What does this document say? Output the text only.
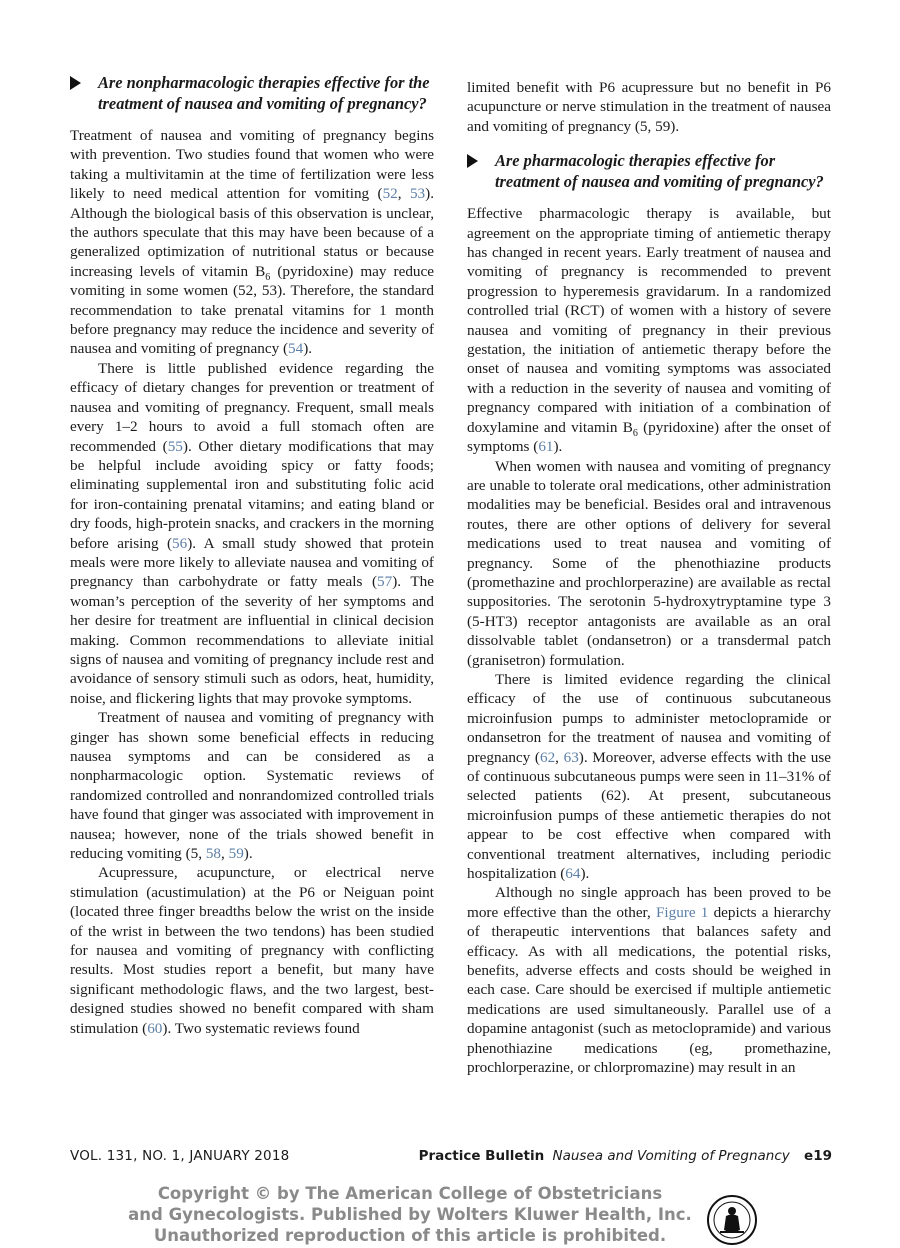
Are nonpharmacologic therapies effective for the treatment of nausea and vomiting of pregnancy?

Treatment of nausea and vomiting of pregnancy begins with prevention. Two studies found that women who were taking a multivitamin at the time of fertilization were less likely to need medical attention for vomiting (52, 53). Although the biological basis of this observation is unclear, the authors speculate that this may have been because of a generalized optimization of nutritional status or because increasing levels of vitamin $B_6$ (pyridoxine) may reduce vomiting in some women (52, 53). Therefore, the standard recommendation to take prenatal vitamins for 1 month before pregnancy may reduce the incidence and severity of nausea and vomiting of pregnancy (54).

There is little published evidence regarding the efficacy of dietary changes for prevention or treatment of nausea and vomiting of pregnancy. Frequent, small meals every 1–2 hours to avoid a full stomach often are recommended (55). Other dietary modifications that may be helpful include avoiding spicy or fatty foods; eliminating supplemental iron and substituting folic acid for iron-containing prenatal vitamins; and eating bland or dry foods, high-protein snacks, and crackers in the morning before arising (56). A small study showed that protein meals were more likely to alleviate nausea and vomiting of pregnancy than carbohydrate or fatty meals (57). The woman’s perception of the severity of her symptoms and her desire for treatment are influential in clinical decision making. Common recommendations to alleviate initial signs of nausea and vomiting of pregnancy include rest and avoidance of sensory stimuli such as odors, heat, humidity, noise, and flickering lights that may provoke symptoms.

Treatment of nausea and vomiting of pregnancy with ginger has shown some beneficial effects in reducing nausea symptoms and can be considered as a nonpharmacologic option. Systematic reviews of randomized controlled and nonrandomized controlled trials have found that ginger was associated with improvement in nausea; however, none of the trials showed benefit in reducing vomiting (5, 58, 59).

Acupressure, acupuncture, or electrical nerve stimulation (acustimulation) at the P6 or Neiguan point (located three finger breadths below the wrist on the inside of the wrist in between the two tendons) has been studied for nausea and vomiting of pregnancy with conflicting results. Most studies report a benefit, but many have significant methodologic flaws, and the two largest, best-designed studies showed no benefit compared with sham stimulation (60). Two systematic reviews found

limited benefit with P6 acupressure but no benefit in P6 acupuncture or nerve stimulation in the treatment of nausea and vomiting of pregnancy (5, 59).

Are pharmacologic therapies effective for treatment of nausea and vomiting of pregnancy?

Effective pharmacologic therapy is available, but agreement on the appropriate timing of antiemetic therapy has changed in recent years. Early treatment of nausea and vomiting of pregnancy is recommended to prevent progression to hyperemesis gravidarum. In a randomized controlled trial (RCT) of women with a history of severe nausea and vomiting of pregnancy in their previous gestation, the initiation of antiemetic therapy before the onset of nausea and vomiting symptoms was associated with a reduction in the severity of nausea and vomiting of pregnancy compared with initiation of a combination of doxylamine and vitamin $B_6$ (pyridoxine) after the onset of symptoms (61).

When women with nausea and vomiting of pregnancy are unable to tolerate oral medications, other administration modalities may be beneficial. Besides oral and intravenous routes, there are other options of delivery for several medications used to treat nausea and vomiting of pregnancy. Some of the phenothiazine products (promethazine and prochlorperazine) are available as rectal suppositories. The serotonin 5-hydroxytryptamine type 3 (5-HT3) receptor antagonists are available as an oral dissolvable tablet (ondansetron) or a transdermal patch (granisetron) formulation.

There is limited evidence regarding the clinical efficacy of the use of continuous subcutaneous microinfusion pumps to administer metoclopramide or ondansetron for the treatment of nausea and vomiting of pregnancy (62, 63). Moreover, adverse effects with the use of continuous subcutaneous pumps were seen in 11–31% of selected patients (62). At present, subcutaneous microinfusion pumps of these antiemetic therapies do not appear to be cost effective when compared with conventional treatment alternatives, including periodic hospitalization (64).

Although no single approach has been proved to be more effective than the other, Figure 1 depicts a hierarchy of therapeutic interventions that balances safety and efficacy. As with all medications, the potential risks, benefits, adverse effects and costs should be weighed in each case. Care should be exercised if multiple antiemetic medications are used simultaneously. Parallel use of a dopamine antagonist (such as metoclopramide) and various phenothiazine medications (eg, promethazine, prochlorperazine, or chlorpromazine) may result in an

VOL. 131, NO. 1, JANUARY 2018	Practice Bulletin Nausea and Vomiting of Pregnancy e19
Copyright © by The American College of Obstetricians
and Gynecologists. Published by Wolters Kluwer Health, Inc.
Unauthorized reproduction of this article is prohibited.
